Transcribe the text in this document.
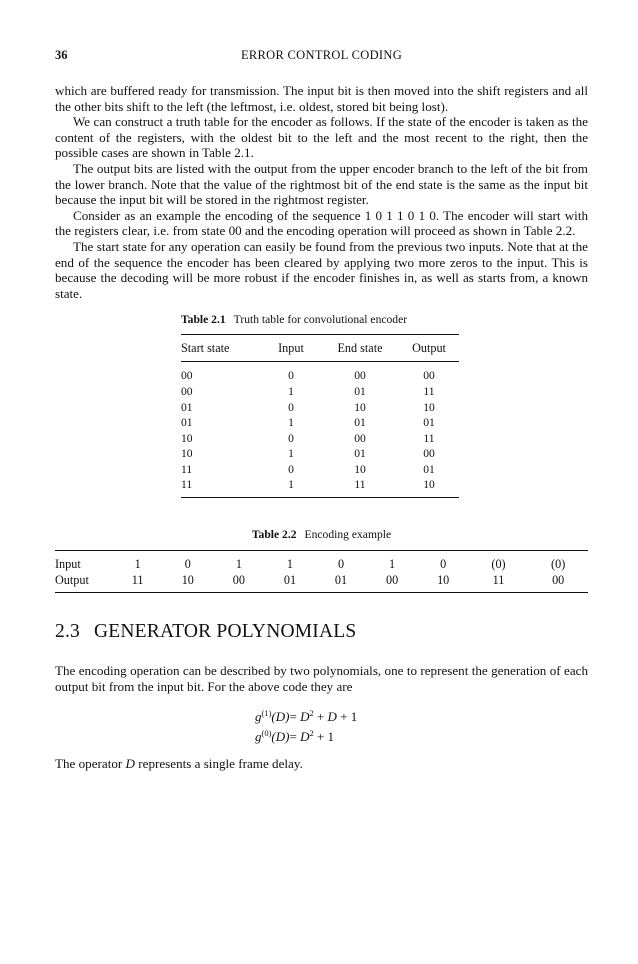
36	ERROR CONTROL CODING

which are buffered ready for transmission. The input bit is then moved into the shift registers and all the other bits shift to the left (the leftmost, i.e. oldest, stored bit being lost).

We can construct a truth table for the encoder as follows. If the state of the encoder is taken as the content of the registers, with the oldest bit to the left and the most recent to the right, then the possible cases are shown in Table 2.1.

The output bits are listed with the output from the upper encoder branch to the left of the bit from the lower branch. Note that the value of the rightmost bit of the end state is the same as the input bit because the input bit will be stored in the rightmost register.

Consider as an example the encoding of the sequence 1 0 1 1 0 1 0. The encoder will start with the registers clear, i.e. from state 00 and the encoding operation will proceed as shown in Table 2.2.

The start state for any operation can easily be found from the previous two inputs. Note that at the end of the sequence the encoder has been cleared by applying two more zeros to the input. This is because the decoding will be more robust if the encoder finishes in, as well as starts from, a known state.

Table 2.1 Truth table for convolutional encoder
Start state	Input	End state	Output
00	0	00	00
00	1	01	11
01	0	10	10
01	1	01	01
10	0	00	11
10	1	01	00
11	0	10	01
11	1	11	10
Table 2.2 Encoding example
Input	1	0	1	1	0	1	0	(0)	(0)
Output	11	10	00	01	01	00	10	11	00
2.3 GENERATOR POLYNOMIALS

The encoding operation can be described by two polynomials, one to represent the generation of each output bit from the input bit. For the above code they are

$g^{(1)}(D)= D^2 + D + 1$
$g^{(0)}(D)= D^2 + 1$

The operator D represents a single frame delay.
